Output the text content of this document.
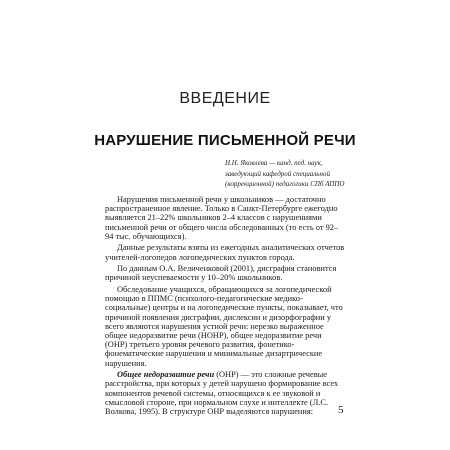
ВВЕДЕНИЕ
НАРУШЕНИЕ ПИСЬМЕННОЙ РЕЧИ
Н.Н. Яковлева — канд. пед. наук, заведующий кафедрой специальной (коррекционной) педагогики СПб АППО

Нарушения письменной речи у школьников — достаточно распространенное явление. Только в Санкт-Петербурге ежегодно выявляется 21–22% школьников 2–4 классов с нарушениями письменной речи от общего числа обследованных (то есть от 92–94 тыс. обучающихся).

Данные результаты взяты из ежегодных аналитических отчетов учителей-логопедов логопедических пунктов города.

По данным О.А. Величенковой (2001), дисграфия становится причиной неуспеваемости у 10–20% школьников.

Обследование учащихся, обращающихся за логопедической помощью в ППМС (психолого-педагогические медико-социальные) центры и на логопедические пункты, показывает, что причиной появления дисграфии, дислексии и дизорфографии у всего являются нарушения устной речи: нерезко выраженное общее недоразвитие речи (НОНР), общее недоразвитие речи (ОНР) третьего уровня речевого развития, фонетико-фонематические нарушения и минимальные дизартрические нарушения.

Общее недоразвитие речи (ОНР) — это сложные речевые расстройства, при которых у детей нарушено формирование всех компонентов речевой системы, относящихся к ее звуковой и смысловой стороне, при нормальном слухе и интеллекте (Л.С. Волкова, 1995). В структуре ОНР выделяются нарушения:	5
